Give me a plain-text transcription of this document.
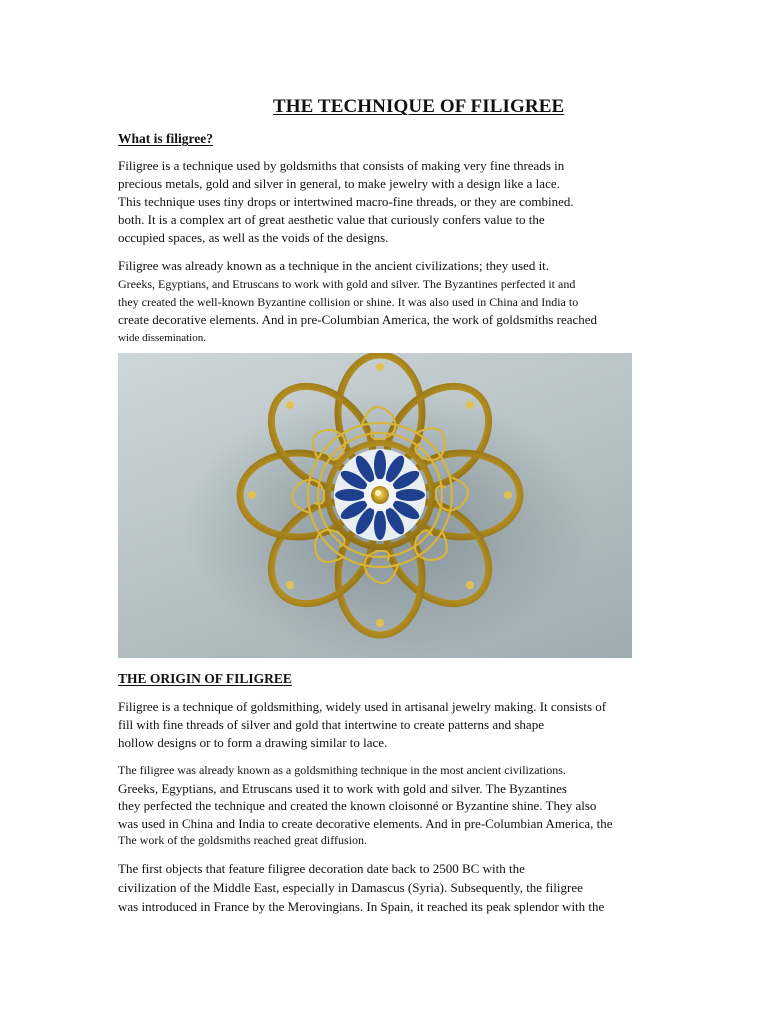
THE TECHNIQUE OF FILIGREE
What is filigree?
Filigree is a technique used by goldsmiths that consists of making very fine threads in
precious metals, gold and silver in general, to make jewelry with a design like a lace.
This technique uses tiny drops or intertwined macro-fine threads, or they are combined.
both. It is a complex art of great aesthetic value that curiously confers value to the
occupied spaces, as well as the voids of the designs.
Filigree was already known as a technique in the ancient civilizations; they used it.
Greeks, Egyptians, and Etruscans to work with gold and silver. The Byzantines perfected it and
they created the well-known Byzantine collision or shine. It was also used in China and India to
create decorative elements. And in pre-Columbian America, the work of goldsmiths reached
wide dissemination.
THE ORIGIN OF FILIGREE
Filigree is a technique of goldsmithing, widely used in artisanal jewelry making. It consists of
fill with fine threads of silver and gold that intertwine to create patterns and shape
hollow designs or to form a drawing similar to lace.
The filigree was already known as a goldsmithing technique in the most ancient civilizations.
Greeks, Egyptians, and Etruscans used it to work with gold and silver. The Byzantines
they perfected the technique and created the known cloisonné or Byzantine shine. They also
was used in China and India to create decorative elements. And in pre-Columbian America, the
The work of the goldsmiths reached great diffusion.
The first objects that feature filigree decoration date back to 2500 BC with the
civilization of the Middle East, especially in Damascus (Syria). Subsequently, the filigree
was introduced in France by the Merovingians. In Spain, it reached its peak splendor with the
